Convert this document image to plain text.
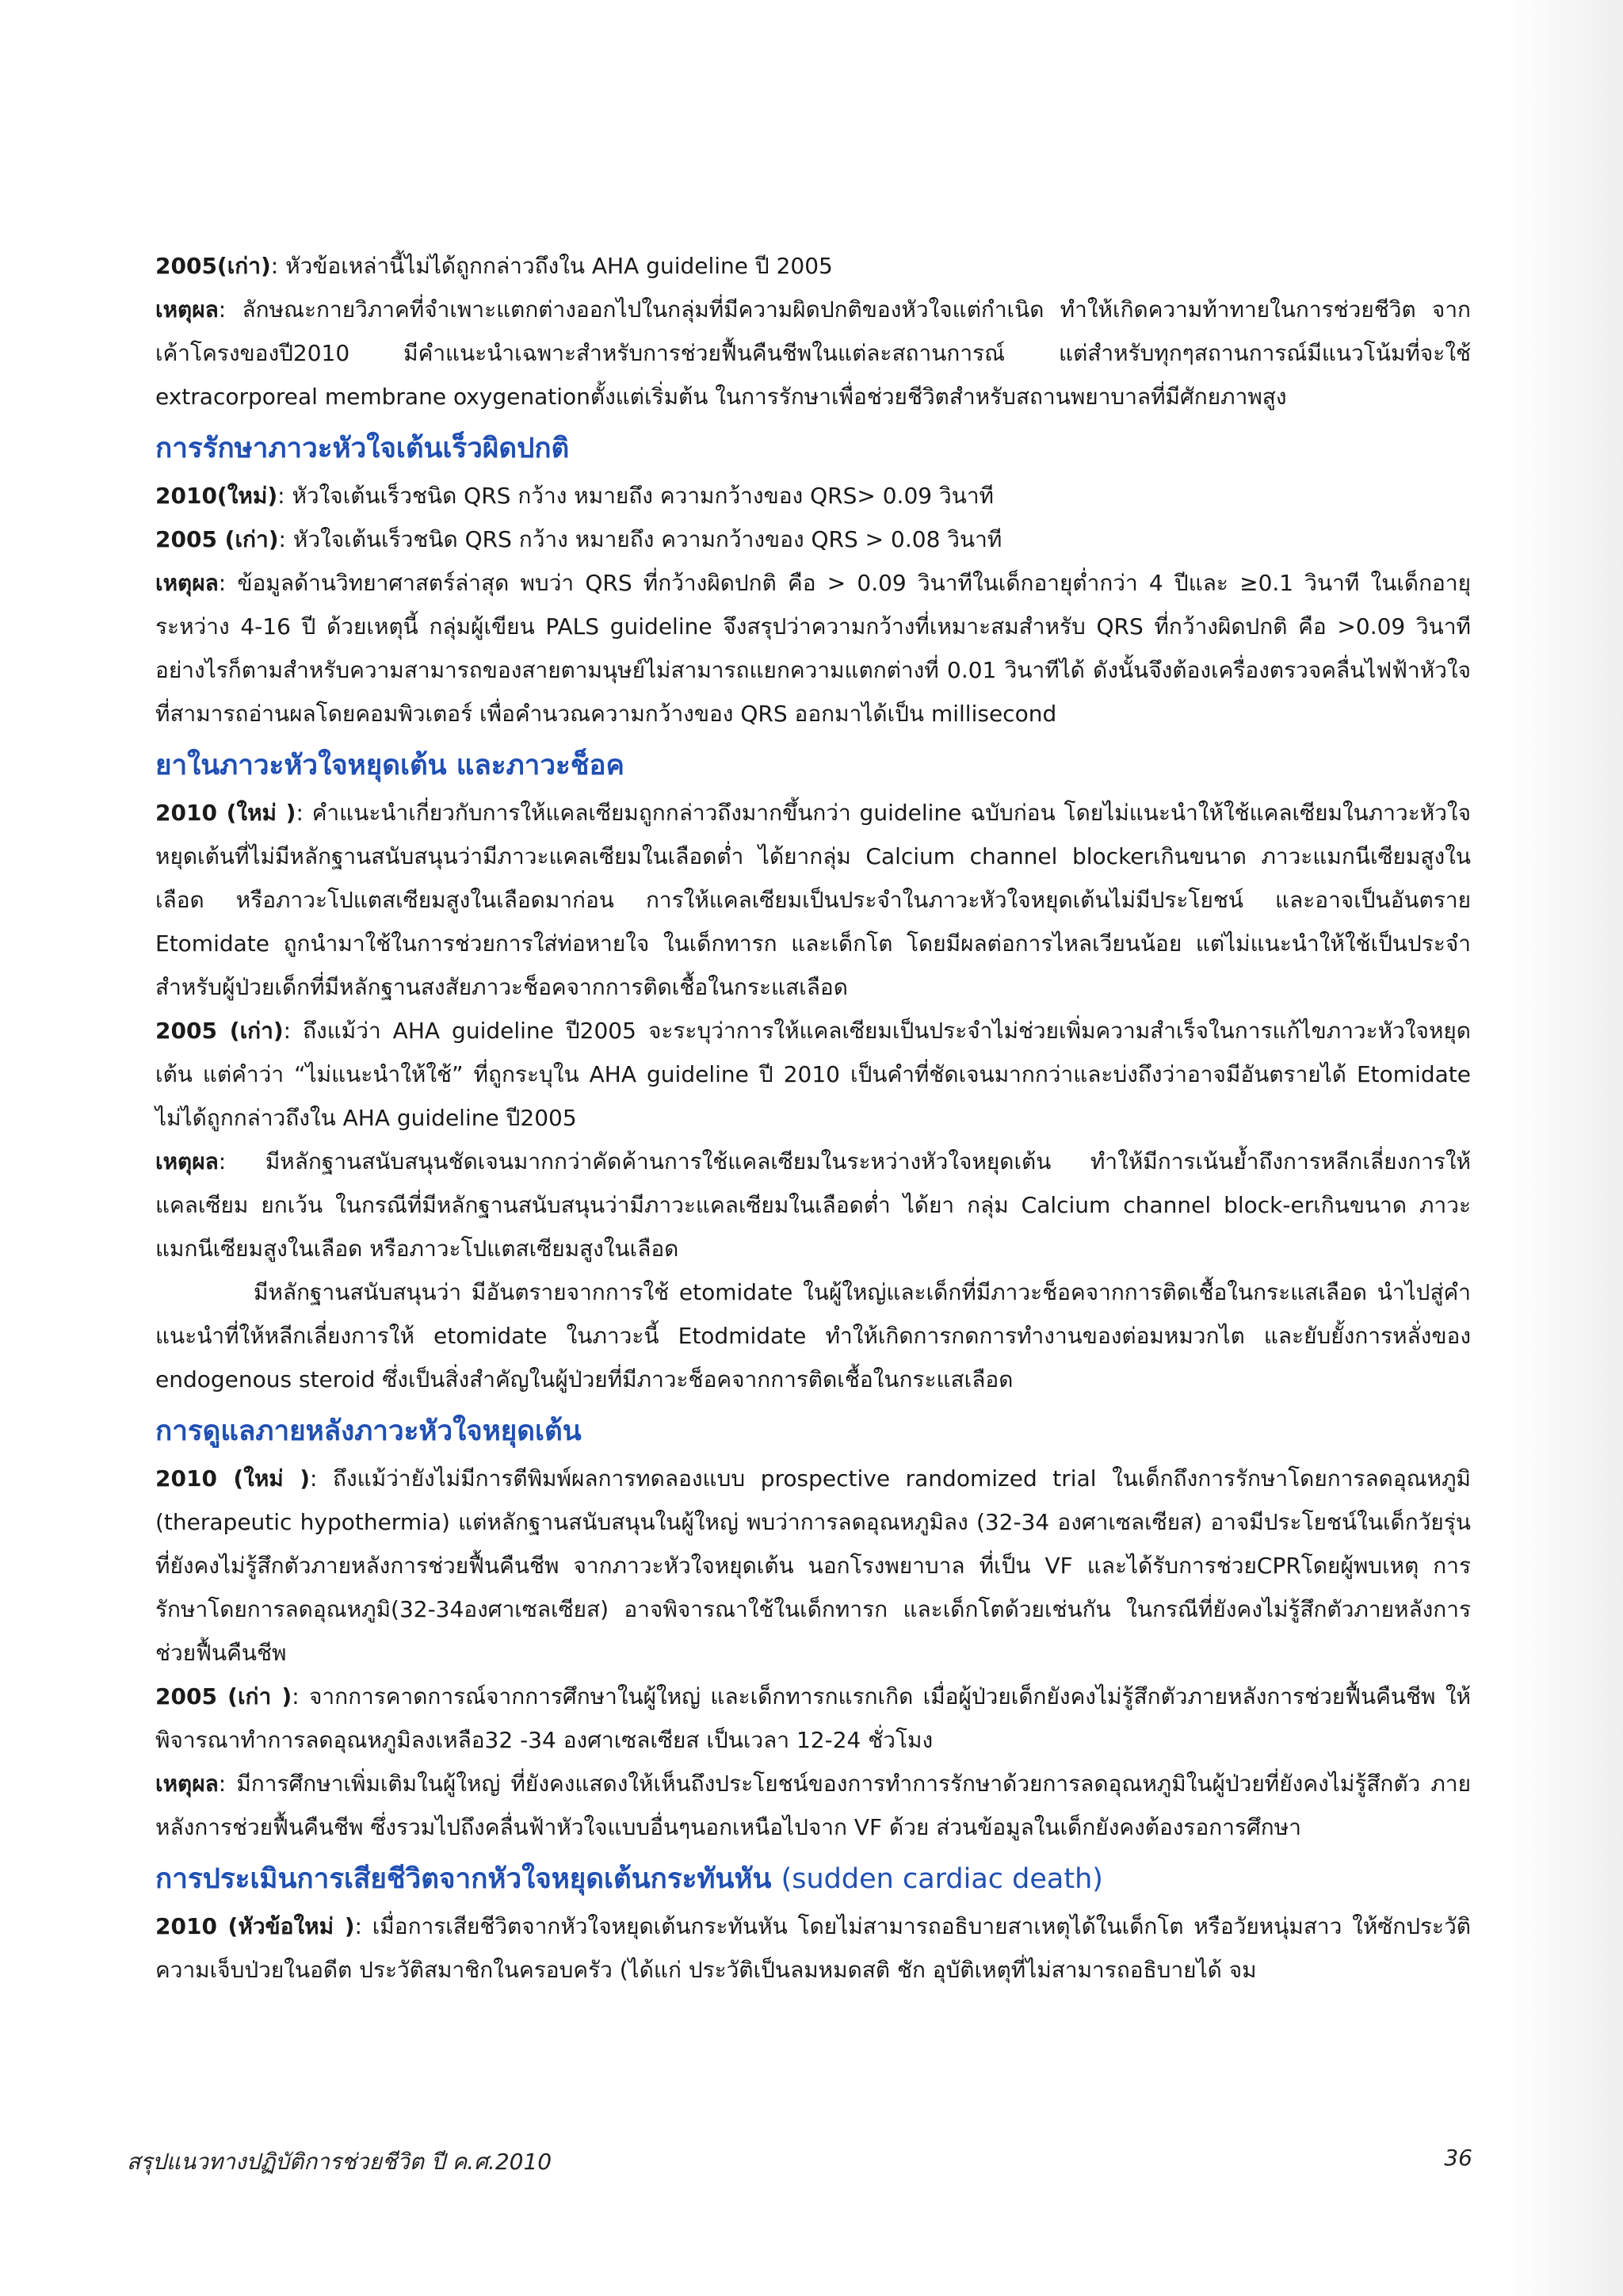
2005(เก่า): หัวข้อเหล่านี้ไม่ได้ถูกกล่าวถึงใน AHA guideline ปี 2005

เหตุผล: ลักษณะกายวิภาคที่จำเพาะแตกต่างออกไปในกลุ่มที่มีความผิดปกติของหัวใจแต่กำเนิด ทำให้เกิดความท้าทายในการช่วยชีวิต จากเค้าโครงของปี2010 มีคำแนะนำเฉพาะสำหรับการช่วยฟื้นคืนชีพในแต่ละสถานการณ์ แต่สำหรับทุกๆสถานการณ์มีแนวโน้มที่จะใช้ extracorporeal membrane oxygenationตั้งแต่เริ่มต้น ในการรักษาเพื่อช่วยชีวิตสำหรับสถานพยาบาลที่มีศักยภาพสูง

การรักษาภาวะหัวใจเต้นเร็วผิดปกติ

2010(ใหม่): หัวใจเต้นเร็วชนิด QRS กว้าง หมายถึง ความกว้างของ QRS> 0.09 วินาที

2005 (เก่า): หัวใจเต้นเร็วชนิด QRS กว้าง หมายถึง ความกว้างของ QRS > 0.08 วินาที

เหตุผล: ข้อมูลด้านวิทยาศาสตร์ล่าสุด พบว่า QRS ที่กว้างผิดปกติ คือ > 0.09 วินาทีในเด็กอายุต่ำกว่า 4 ปีและ ≥0.1 วินาที ในเด็กอายุระหว่าง 4-16 ปี ด้วยเหตุนี้ กลุ่มผู้เขียน PALS guideline จึงสรุปว่าความกว้างที่เหมาะสมสำหรับ QRS ที่กว้างผิดปกติ คือ >0.09 วินาที อย่างไรก็ตามสำหรับความสามารถของสายตามนุษย์ไม่สามารถแยกความแตกต่างที่ 0.01 วินาทีได้ ดังนั้นจึงต้องเครื่องตรวจคลื่นไฟฟ้าหัวใจที่สามารถอ่านผลโดยคอมพิวเตอร์ เพื่อคำนวณความกว้างของ QRS ออกมาได้เป็น millisecond

ยาในภาวะหัวใจหยุดเต้น และภาวะช็อค

2010 (ใหม่ ): คำแนะนำเกี่ยวกับการให้แคลเซียมถูกกล่าวถึงมากขึ้นกว่า guideline ฉบับก่อน โดยไม่แนะนำให้ใช้แคลเซียมในภาวะหัวใจหยุดเต้นที่ไม่มีหลักฐานสนับสนุนว่ามีภาวะแคลเซียมในเลือดต่ำ ได้ยากลุ่ม Calcium channel blockerเกินขนาด ภาวะแมกนีเซียมสูงในเลือด หรือภาวะโปแตสเซียมสูงในเลือดมาก่อน การให้แคลเซียมเป็นประจำในภาวะหัวใจหยุดเต้นไม่มีประโยชน์ และอาจเป็นอันตราย Etomidate ถูกนำมาใช้ในการช่วยการใส่ท่อหายใจ ในเด็กทารก และเด็กโต โดยมีผลต่อการไหลเวียนน้อย แต่ไม่แนะนำให้ใช้เป็นประจำสำหรับผู้ป่วยเด็กที่มีหลักฐานสงสัยภาวะช็อคจากการติดเชื้อในกระแสเลือด

2005 (เก่า): ถึงแม้ว่า AHA guideline ปี2005 จะระบุว่าการให้แคลเซียมเป็นประจำไม่ช่วยเพิ่มความสำเร็จในการแก้ไขภาวะหัวใจหยุดเต้น แต่คำว่า “ไม่แนะนำให้ใช้” ที่ถูกระบุใน AHA guideline ปี 2010 เป็นคำที่ชัดเจนมากกว่าและบ่งถึงว่าอาจมีอันตรายได้ Etomidate ไม่ได้ถูกกล่าวถึงใน AHA guideline ปี2005

เหตุผล: มีหลักฐานสนับสนุนชัดเจนมากกว่าคัดค้านการใช้แคลเซียมในระหว่างหัวใจหยุดเต้น ทำให้มีการเน้นย้ำถึงการหลีกเลี่ยงการให้แคลเซียม ยกเว้น ในกรณีที่มีหลักฐานสนับสนุนว่ามีภาวะแคลเซียมในเลือดต่ำ ได้ยา กลุ่ม Calcium channel block-erเกินขนาด ภาวะแมกนีเซียมสูงในเลือด หรือภาวะโปแตสเซียมสูงในเลือด

มีหลักฐานสนับสนุนว่า มีอันตรายจากการใช้ etomidate ในผู้ใหญ่และเด็กที่มีภาวะช็อคจากการติดเชื้อในกระแสเลือด นำไปสู่คำแนะนำที่ให้หลีกเลี่ยงการให้ etomidate ในภาวะนี้ Etodmidate ทำให้เกิดการกดการทำงานของต่อมหมวกไต และยับยั้งการหลั่งของ endogenous steroid ซึ่งเป็นสิ่งสำคัญในผู้ป่วยที่มีภาวะช็อคจากการติดเชื้อในกระแสเลือด

การดูแลภายหลังภาวะหัวใจหยุดเต้น

2010 (ใหม่ ): ถึงแม้ว่ายังไม่มีการตีพิมพ์ผลการทดลองแบบ prospective randomized trial ในเด็กถึงการรักษาโดยการลดอุณหภูมิ (therapeutic hypothermia) แต่หลักฐานสนับสนุนในผู้ใหญ่ พบว่าการลดอุณหภูมิลง (32-34 องศาเซลเซียส) อาจมีประโยชน์ในเด็กวัยรุ่น ที่ยังคงไม่รู้สึกตัวภายหลังการช่วยฟื้นคืนชีพ จากภาวะหัวใจหยุดเต้น นอกโรงพยาบาล ที่เป็น VF และได้รับการช่วยCPRโดยผู้พบเหตุ การรักษาโดยการลดอุณหภูมิ(32-34องศาเซลเซียส) อาจพิจารณาใช้ในเด็กทารก และเด็กโตด้วยเช่นกัน ในกรณีที่ยังคงไม่รู้สึกตัวภายหลังการช่วยฟื้นคืนชีพ

2005 (เก่า ): จากการคาดการณ์จากการศึกษาในผู้ใหญ่ และเด็กทารกแรกเกิด เมื่อผู้ป่วยเด็กยังคงไม่รู้สึกตัวภายหลังการช่วยฟื้นคืนชีพ ให้พิจารณาทำการลดอุณหภูมิลงเหลือ32 -34 องศาเซลเซียส เป็นเวลา 12-24 ชั่วโมง

เหตุผล: มีการศึกษาเพิ่มเติมในผู้ใหญ่ ที่ยังคงแสดงให้เห็นถึงประโยชน์ของการทำการรักษาด้วยการลดอุณหภูมิในผู้ป่วยที่ยังคงไม่รู้สึกตัว ภายหลังการช่วยฟื้นคืนชีพ ซึ่งรวมไปถึงคลื่นฟ้าหัวใจแบบอื่นๆนอกเหนือไปจาก VF ด้วย ส่วนข้อมูลในเด็กยังคงต้องรอการศึกษา

การประเมินการเสียชีวิตจากหัวใจหยุดเต้นกระทันหัน (sudden cardiac death)

2010 (หัวข้อใหม่ ): เมื่อการเสียชีวิตจากหัวใจหยุดเต้นกระทันหัน โดยไม่สามารถอธิบายสาเหตุได้ในเด็กโต หรือวัยหนุ่มสาว ให้ซักประวัติความเจ็บป่วยในอดีต ประวัติสมาชิกในครอบครัว (ได้แก่ ประวัติเป็นลมหมดสติ ชัก อุบัติเหตุที่ไม่สามารถอธิบายได้ จม

สรุปแนวทางปฏิบัติการช่วยชีวิต ปี ค.ศ.2010	36
